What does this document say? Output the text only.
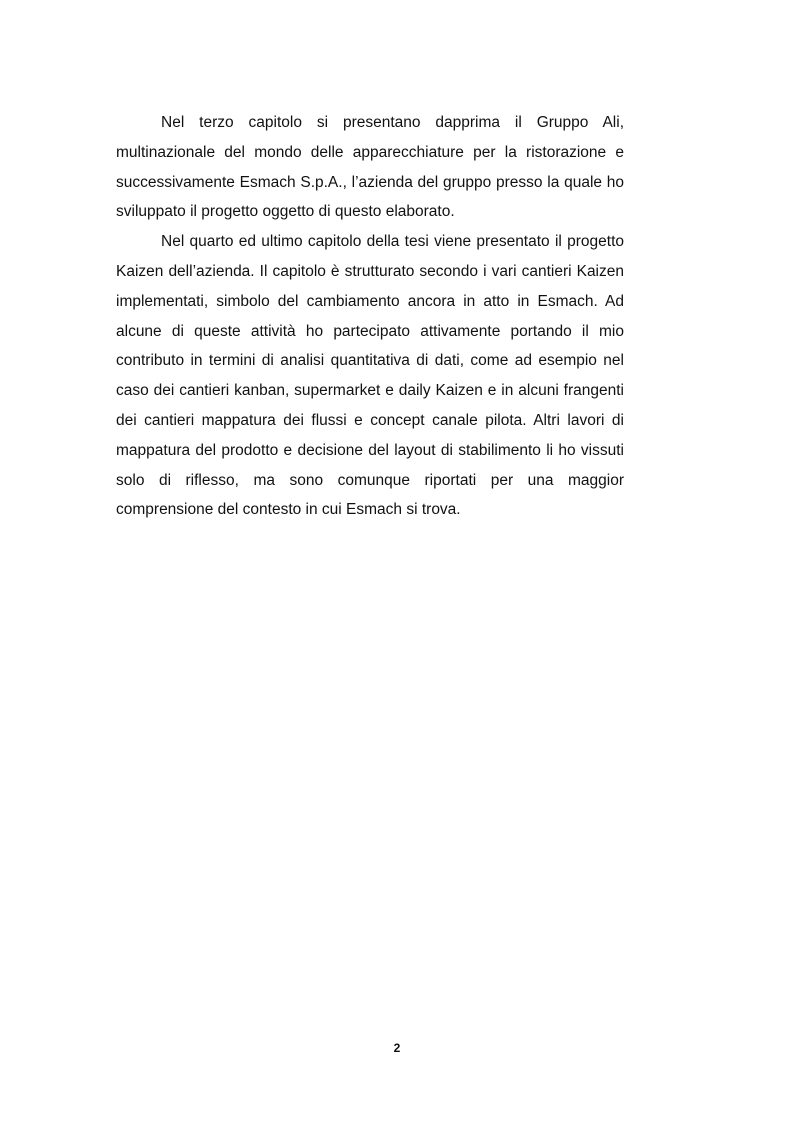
Nel terzo capitolo si presentano dapprima il Gruppo Ali, multinazionale del mondo delle apparecchiature per la ristorazione e successivamente Esmach S.p.A., l’azienda del gruppo presso la quale ho sviluppato il progetto oggetto di questo elaborato.

Nel quarto ed ultimo capitolo della tesi viene presentato il progetto Kaizen dell’azienda. Il capitolo è strutturato secondo i vari cantieri Kaizen implementati, simbolo del cambiamento ancora in atto in Esmach. Ad alcune di queste attività ho partecipato attivamente portando il mio contributo in termini di analisi quantitativa di dati, come ad esempio nel caso dei cantieri kanban, supermarket e daily Kaizen e in alcuni frangenti dei cantieri mappatura dei flussi e concept canale pilota. Altri lavori di mappatura del prodotto e decisione del layout di stabilimento li ho vissuti solo di riflesso, ma sono comunque riportati per una maggior comprensione del contesto in cui Esmach si trova.

2
